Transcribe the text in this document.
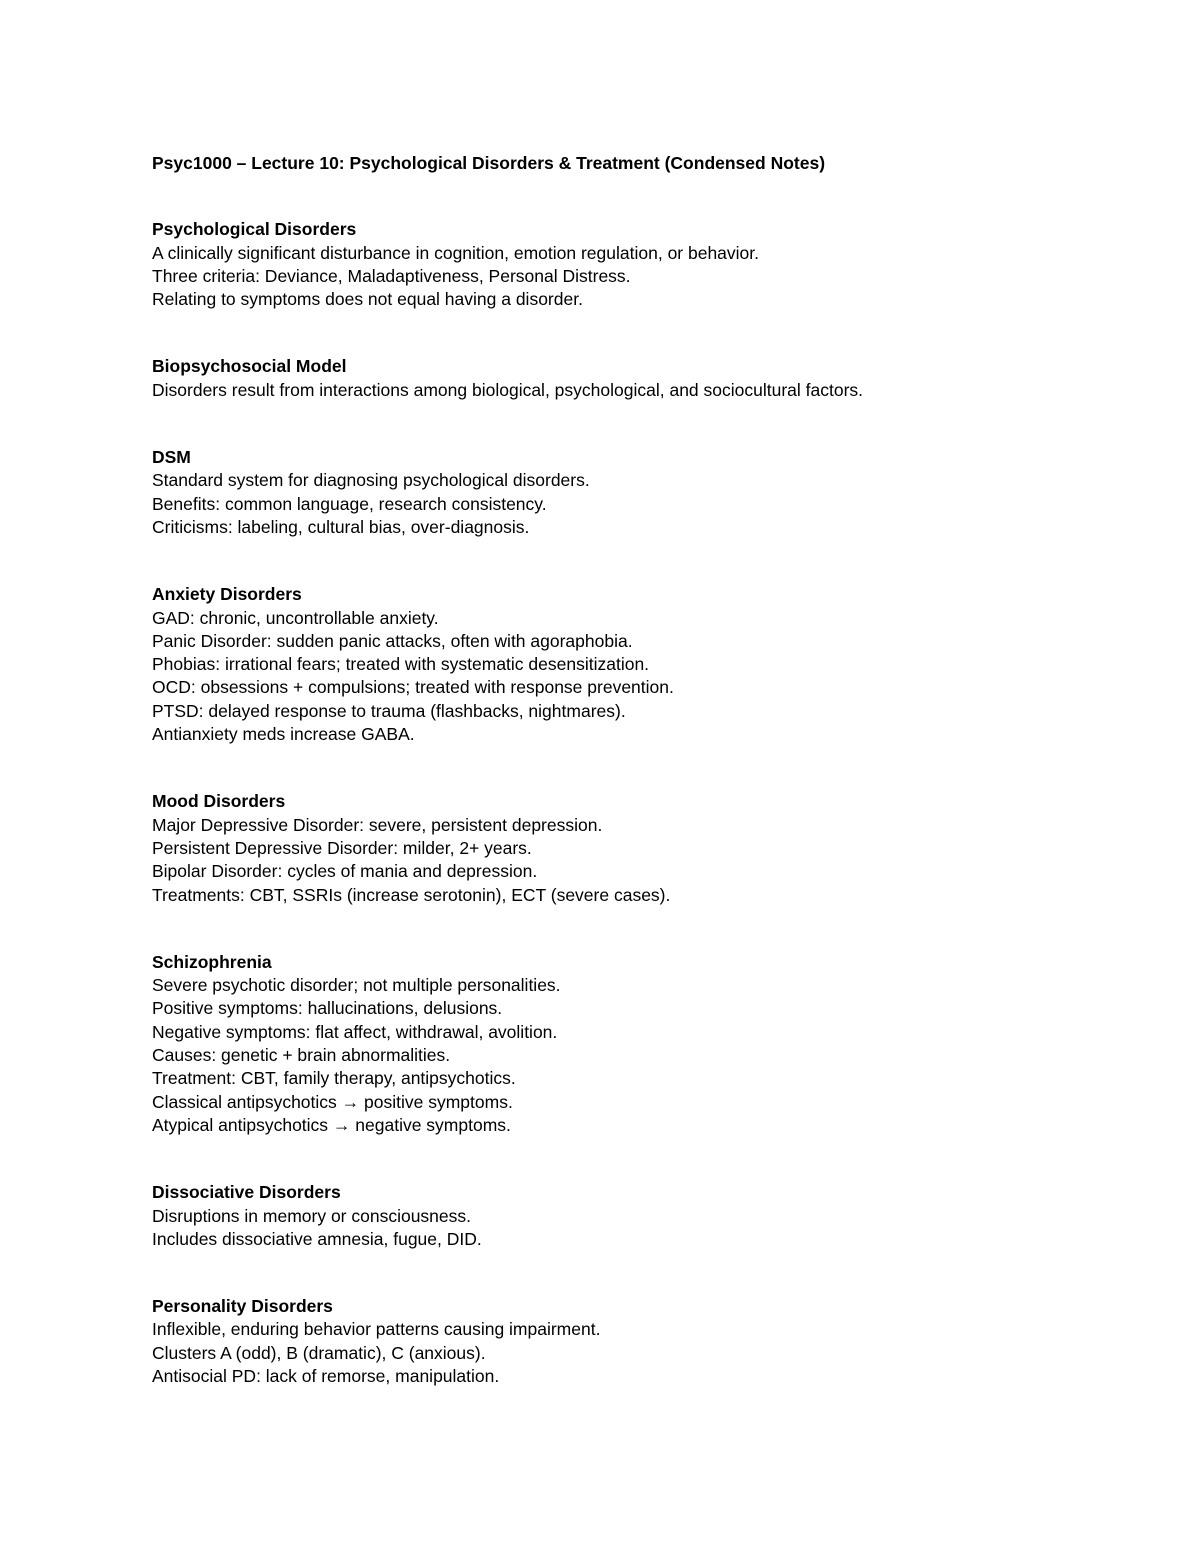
Psyc1000 – Lecture 10: Psychological Disorders & Treatment (Condensed Notes)
Psychological Disorders
A clinically significant disturbance in cognition, emotion regulation, or behavior.
Three criteria: Deviance, Maladaptiveness, Personal Distress.
Relating to symptoms does not equal having a disorder.
Biopsychosocial Model
Disorders result from interactions among biological, psychological, and sociocultural factors.
DSM
Standard system for diagnosing psychological disorders.
Benefits: common language, research consistency.
Criticisms: labeling, cultural bias, over-diagnosis.
Anxiety Disorders
GAD: chronic, uncontrollable anxiety.
Panic Disorder: sudden panic attacks, often with agoraphobia.
Phobias: irrational fears; treated with systematic desensitization.
OCD: obsessions + compulsions; treated with response prevention.
PTSD: delayed response to trauma (flashbacks, nightmares).
Antianxiety meds increase GABA.
Mood Disorders
Major Depressive Disorder: severe, persistent depression.
Persistent Depressive Disorder: milder, 2+ years.
Bipolar Disorder: cycles of mania and depression.
Treatments: CBT, SSRIs (increase serotonin), ECT (severe cases).
Schizophrenia
Severe psychotic disorder; not multiple personalities.
Positive symptoms: hallucinations, delusions.
Negative symptoms: flat affect, withdrawal, avolition.
Causes: genetic + brain abnormalities.
Treatment: CBT, family therapy, antipsychotics.
Classical antipsychotics → positive symptoms.
Atypical antipsychotics → negative symptoms.
Dissociative Disorders
Disruptions in memory or consciousness.
Includes dissociative amnesia, fugue, DID.
Personality Disorders
Inflexible, enduring behavior patterns causing impairment.
Clusters A (odd), B (dramatic), C (anxious).
Antisocial PD: lack of remorse, manipulation.
